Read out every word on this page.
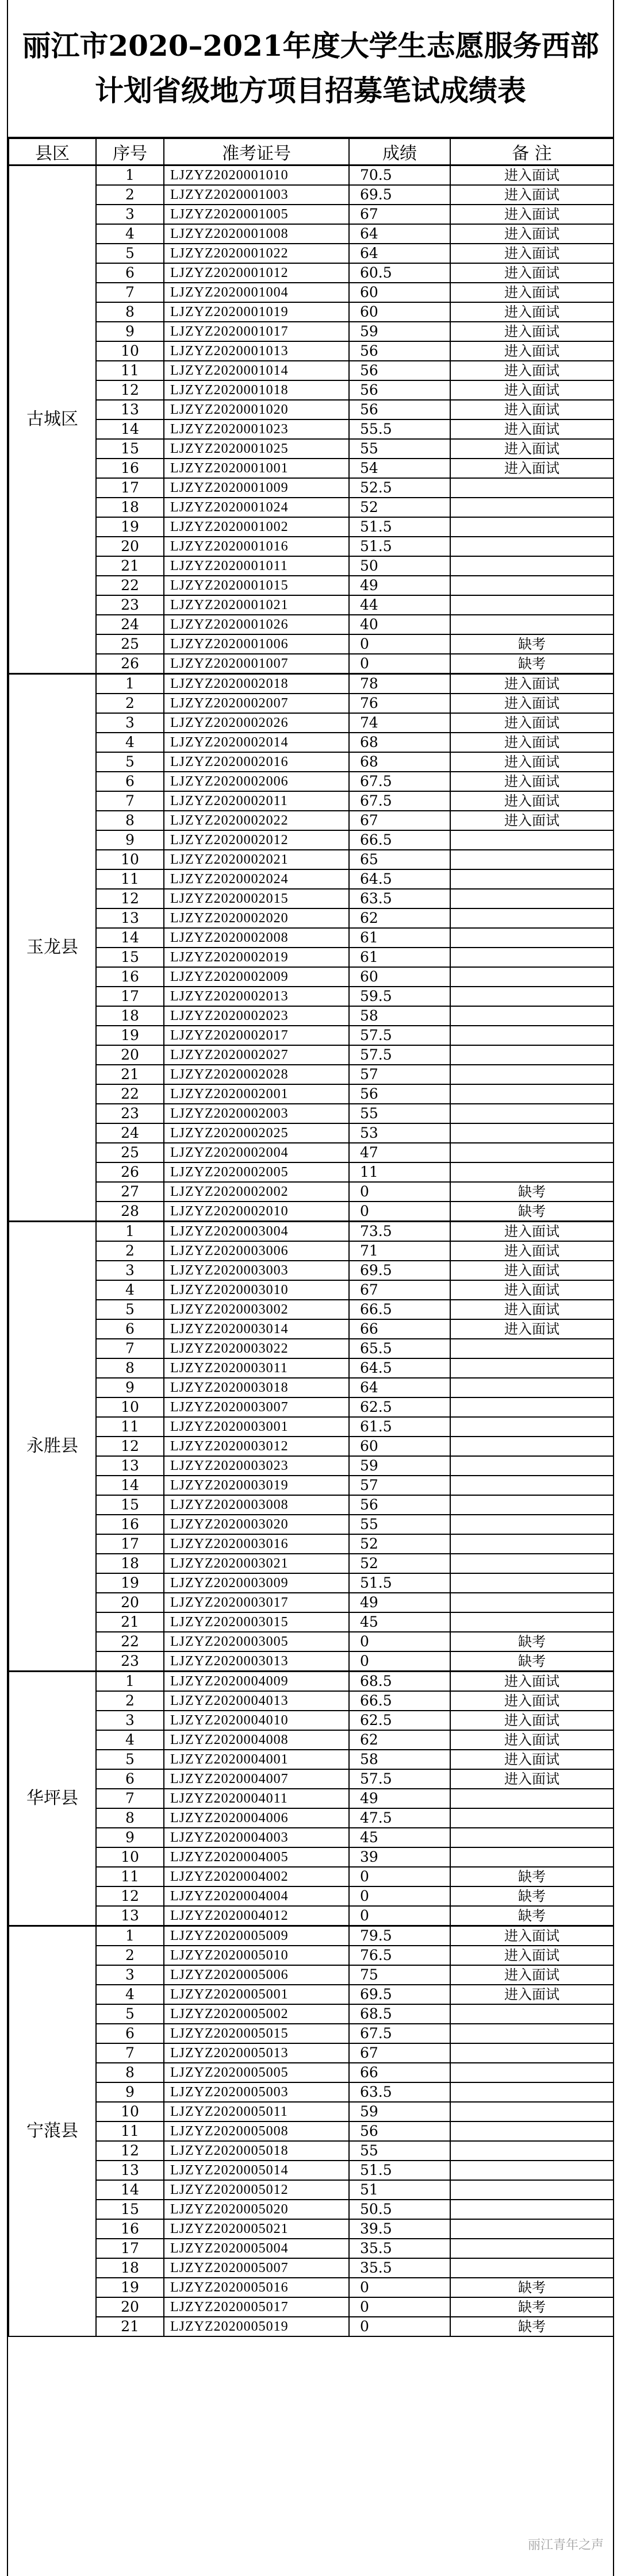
丽江市2020–2021年度大学生志愿服务西部计划省级地方项目招募笔试成绩表
县区	序号	准考证号	成绩	备 注
古城区	1	LJZYZ2020001010	70.5	进入面试
	2	LJZYZ2020001003	69.5	进入面试
	3	LJZYZ2020001005	67	进入面试
	4	LJZYZ2020001008	64	进入面试
	5	LJZYZ2020001022	64	进入面试
	6	LJZYZ2020001012	60.5	进入面试
	7	LJZYZ2020001004	60	进入面试
	8	LJZYZ2020001019	60	进入面试
	9	LJZYZ2020001017	59	进入面试
	10	LJZYZ2020001013	56	进入面试
	11	LJZYZ2020001014	56	进入面试
	12	LJZYZ2020001018	56	进入面试
	13	LJZYZ2020001020	56	进入面试
	14	LJZYZ2020001023	55.5	进入面试
	15	LJZYZ2020001025	55	进入面试
	16	LJZYZ2020001001	54	进入面试
	17	LJZYZ2020001009	52.5	
	18	LJZYZ2020001024	52	
	19	LJZYZ2020001002	51.5	
	20	LJZYZ2020001016	51.5	
	21	LJZYZ2020001011	50	
	22	LJZYZ2020001015	49	
	23	LJZYZ2020001021	44	
	24	LJZYZ2020001026	40	
	25	LJZYZ2020001006	0	缺考
	26	LJZYZ2020001007	0	缺考
玉龙县	1	LJZYZ2020002018	78	进入面试
	2	LJZYZ2020002007	76	进入面试
	3	LJZYZ2020002026	74	进入面试
	4	LJZYZ2020002014	68	进入面试
	5	LJZYZ2020002016	68	进入面试
	6	LJZYZ2020002006	67.5	进入面试
	7	LJZYZ2020002011	67.5	进入面试
	8	LJZYZ2020002022	67	进入面试
	9	LJZYZ2020002012	66.5	
	10	LJZYZ2020002021	65	
	11	LJZYZ2020002024	64.5	
	12	LJZYZ2020002015	63.5	
	13	LJZYZ2020002020	62	
	14	LJZYZ2020002008	61	
	15	LJZYZ2020002019	61	
	16	LJZYZ2020002009	60	
	17	LJZYZ2020002013	59.5	
	18	LJZYZ2020002023	58	
	19	LJZYZ2020002017	57.5	
	20	LJZYZ2020002027	57.5	
	21	LJZYZ2020002028	57	
	22	LJZYZ2020002001	56	
	23	LJZYZ2020002003	55	
	24	LJZYZ2020002025	53	
	25	LJZYZ2020002004	47	
	26	LJZYZ2020002005	11	
	27	LJZYZ2020002002	0	缺考
	28	LJZYZ2020002010	0	缺考
永胜县	1	LJZYZ2020003004	73.5	进入面试
	2	LJZYZ2020003006	71	进入面试
	3	LJZYZ2020003003	69.5	进入面试
	4	LJZYZ2020003010	67	进入面试
	5	LJZYZ2020003002	66.5	进入面试
	6	LJZYZ2020003014	66	进入面试
	7	LJZYZ2020003022	65.5	
	8	LJZYZ2020003011	64.5	
	9	LJZYZ2020003018	64	
	10	LJZYZ2020003007	62.5	
	11	LJZYZ2020003001	61.5	
	12	LJZYZ2020003012	60	
	13	LJZYZ2020003023	59	
	14	LJZYZ2020003019	57	
	15	LJZYZ2020003008	56	
	16	LJZYZ2020003020	55	
	17	LJZYZ2020003016	52	
	18	LJZYZ2020003021	52	
	19	LJZYZ2020003009	51.5	
	20	LJZYZ2020003017	49	
	21	LJZYZ2020003015	45	
	22	LJZYZ2020003005	0	缺考
	23	LJZYZ2020003013	0	缺考
华坪县	1	LJZYZ2020004009	68.5	进入面试
	2	LJZYZ2020004013	66.5	进入面试
	3	LJZYZ2020004010	62.5	进入面试
	4	LJZYZ2020004008	62	进入面试
	5	LJZYZ2020004001	58	进入面试
	6	LJZYZ2020004007	57.5	进入面试
	7	LJZYZ2020004011	49	
	8	LJZYZ2020004006	47.5	
	9	LJZYZ2020004003	45	
	10	LJZYZ2020004005	39	
	11	LJZYZ2020004002	0	缺考
	12	LJZYZ2020004004	0	缺考
	13	LJZYZ2020004012	0	缺考
宁蒗县	1	LJZYZ2020005009	79.5	进入面试
	2	LJZYZ2020005010	76.5	进入面试
	3	LJZYZ2020005006	75	进入面试
	4	LJZYZ2020005001	69.5	进入面试
	5	LJZYZ2020005002	68.5	
	6	LJZYZ2020005015	67.5	
	7	LJZYZ2020005013	67	
	8	LJZYZ2020005005	66	
	9	LJZYZ2020005003	63.5	
	10	LJZYZ2020005011	59	
	11	LJZYZ2020005008	56	
	12	LJZYZ2020005018	55	
	13	LJZYZ2020005014	51.5	
	14	LJZYZ2020005012	51	
	15	LJZYZ2020005020	50.5	
	16	LJZYZ2020005021	39.5	
	17	LJZYZ2020005004	35.5	
	18	LJZYZ2020005007	35.5	
	19	LJZYZ2020005016	0	缺考
	20	LJZYZ2020005017	0	缺考
	21	LJZYZ2020005019	0	缺考
丽江青年之声
